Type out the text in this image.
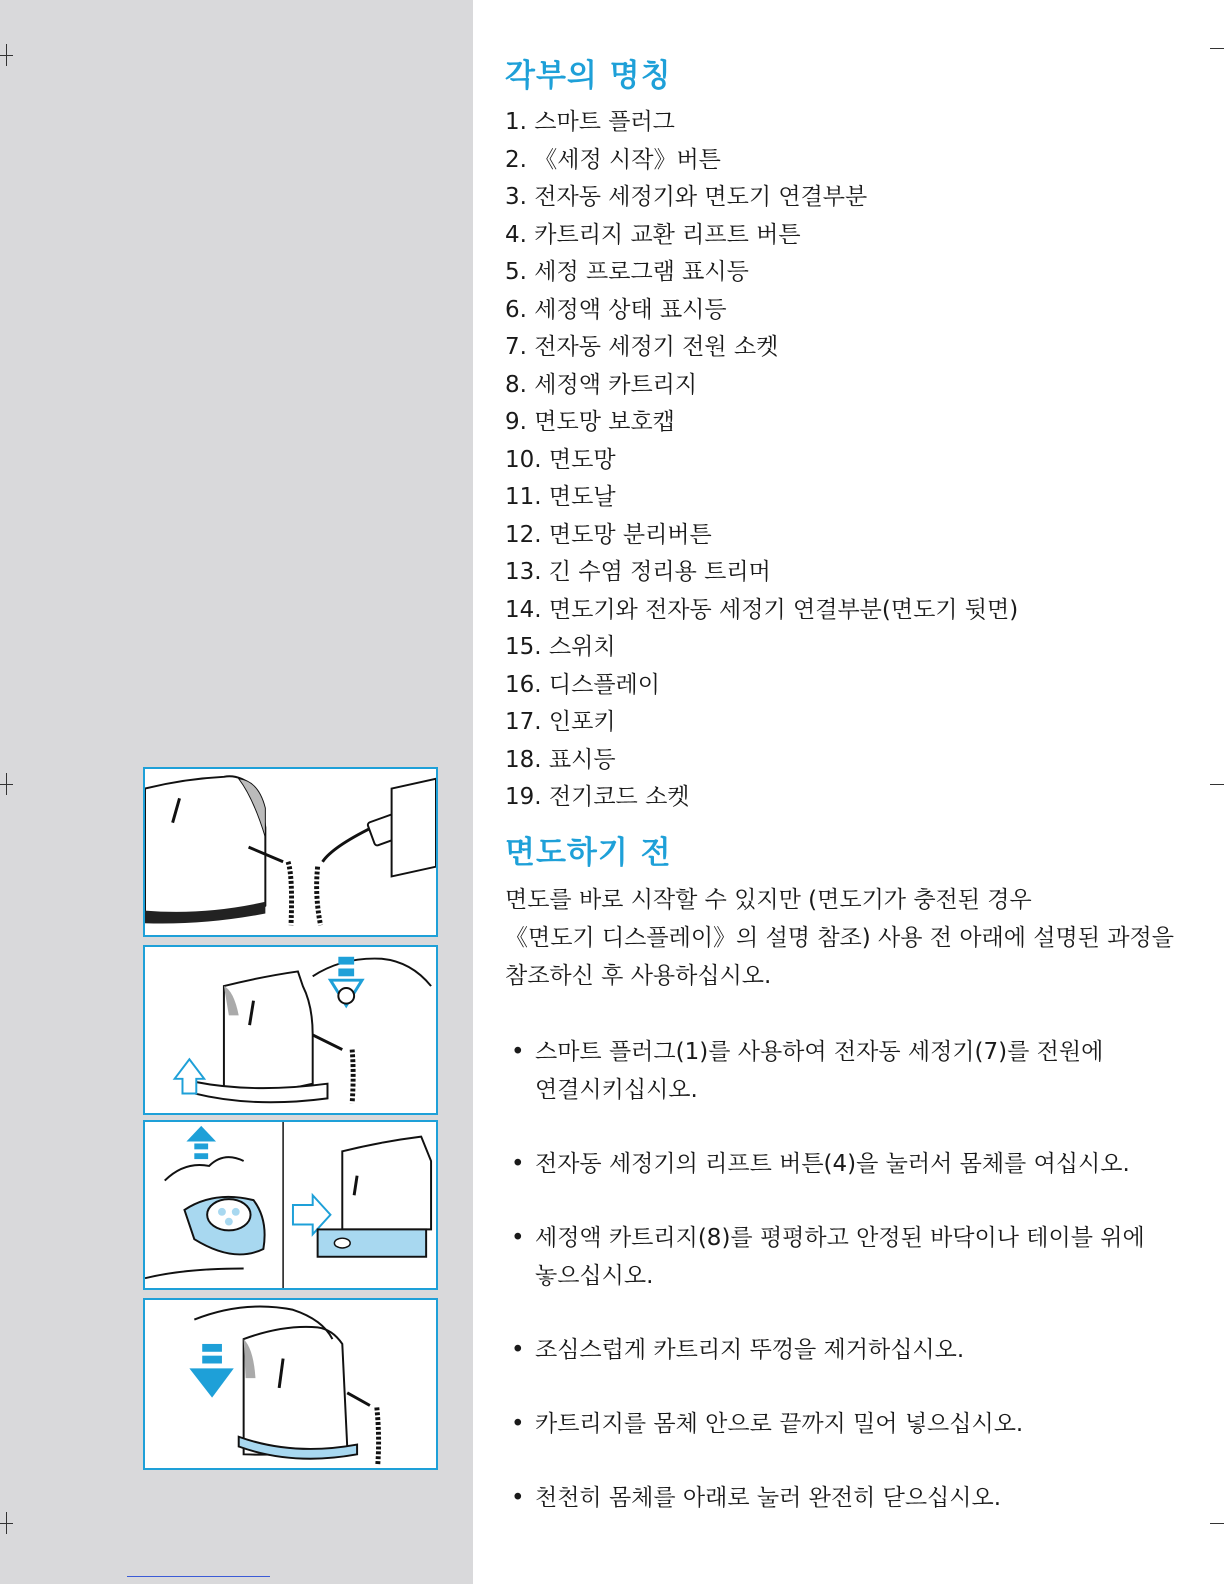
각부의 명칭
1. 스마트 플러그
2. 《세정 시작》버튼
3. 전자동 세정기와 면도기 연결부분
4. 카트리지 교환 리프트 버튼
5. 세정 프로그램 표시등
6. 세정액 상태 표시등
7. 전자동 세정기 전원 소켓
8. 세정액 카트리지
9. 면도망 보호캡
10. 면도망
11. 면도날
12. 면도망 분리버튼
13. 긴 수염 정리용 트리머
14. 면도기와 전자동 세정기 연결부분(면도기 뒷면)
15. 스위치
16. 디스플레이
17. 인포키
18. 표시등
19. 전기코드 소켓
면도하기 전

면도를 바로 시작할 수 있지만 (면도기가 충전된 경우
《면도기 디스플레이》의 설명 참조) 사용 전 아래에 설명된 과정을
참조하신 후 사용하십시오.

• 스마트 플러그(1)를 사용하여 전자동 세정기(7)를 전원에
연결시키십시오.
• 전자동 세정기의 리프트 버튼(4)을 눌러서 몸체를 여십시오.
• 세정액 카트리지(8)를 평평하고 안정된 바닥이나 테이블 위에
놓으십시오.
• 조심스럽게 카트리지 뚜껑을 제거하십시오.
• 카트리지를 몸체 안으로 끝까지 밀어 넣으십시오.
• 천천히 몸체를 아래로 눌러 완전히 닫으십시오.
